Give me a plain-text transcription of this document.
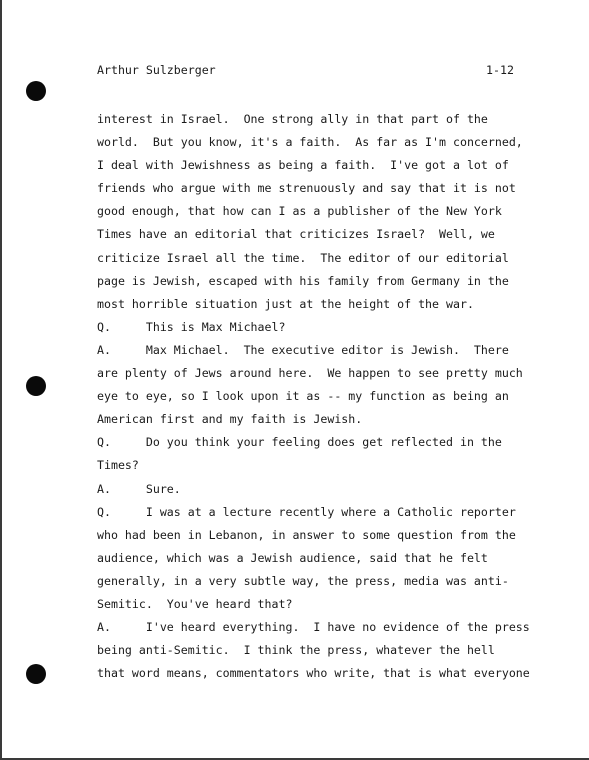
Arthur Sulzberger	1-12
interest in Israel.  One strong ally in that part of the
world.  But you know, it's a faith.  As far as I'm concerned,
I deal with Jewishness as being a faith.  I've got a lot of
friends who argue with me strenuously and say that it is not
good enough, that how can I as a publisher of the New York
Times have an editorial that criticizes Israel?  Well, we
criticize Israel all the time.  The editor of our editorial
page is Jewish, escaped with his family from Germany in the
most horrible situation just at the height of the war.
Q.     This is Max Michael?
A.     Max Michael.  The executive editor is Jewish.  There
are plenty of Jews around here.  We happen to see pretty much
eye to eye, so I look upon it as -- my function as being an
American first and my faith is Jewish.
Q.     Do you think your feeling does get reflected in the
Times?
A.     Sure.
Q.     I was at a lecture recently where a Catholic reporter
who had been in Lebanon, in answer to some question from the
audience, which was a Jewish audience, said that he felt
generally, in a very subtle way, the press, media was anti-
Semitic.  You've heard that?
A.     I've heard everything.  I have no evidence of the press
being anti-Semitic.  I think the press, whatever the hell
that word means, commentators who write, that is what everyone
